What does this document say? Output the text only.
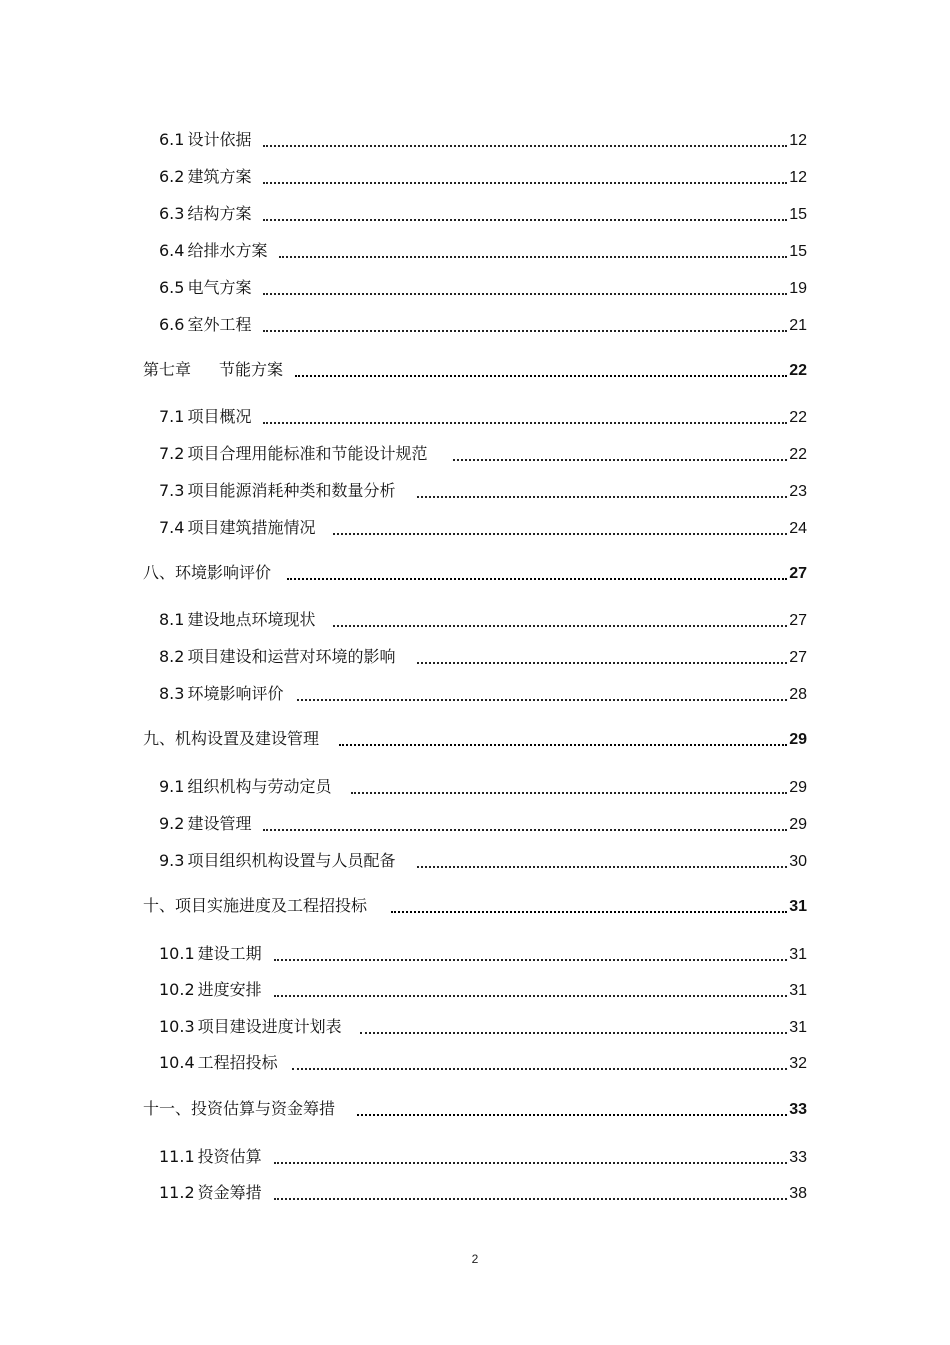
6.1 设计依据	12
6.2 建筑方案	12
6.3 结构方案	15
6.4 给排水方案	15
6.5 电气方案	19
6.6 室外工程	21
第七章 节能方案	22
7.1 项目概况	22
7.2 项目合理用能标准和节能设计规范	22
7.3 项目能源消耗种类和数量分析	23
7.4 项目建筑措施情况	24
八、 环境影响评价	27
8.1 建设地点环境现状	27
8.2 项目建设和运营对环境的影响	27
8.3 环境影响评价	28
九、 机构设置及建设管理	29
9.1 组织机构与劳动定员	29
9.2 建设管理	29
9.3 项目组织机构设置与人员配备	30
十、 项目实施进度及工程招投标	31
10.1 建设工期	31
10.2 进度安排	31
10.3 项目建设进度计划表	31
10.4 工程招投标	32
十一、 投资估算与资金筹措	33
11.1 投资估算	33
11.2 资金筹措	38
2
